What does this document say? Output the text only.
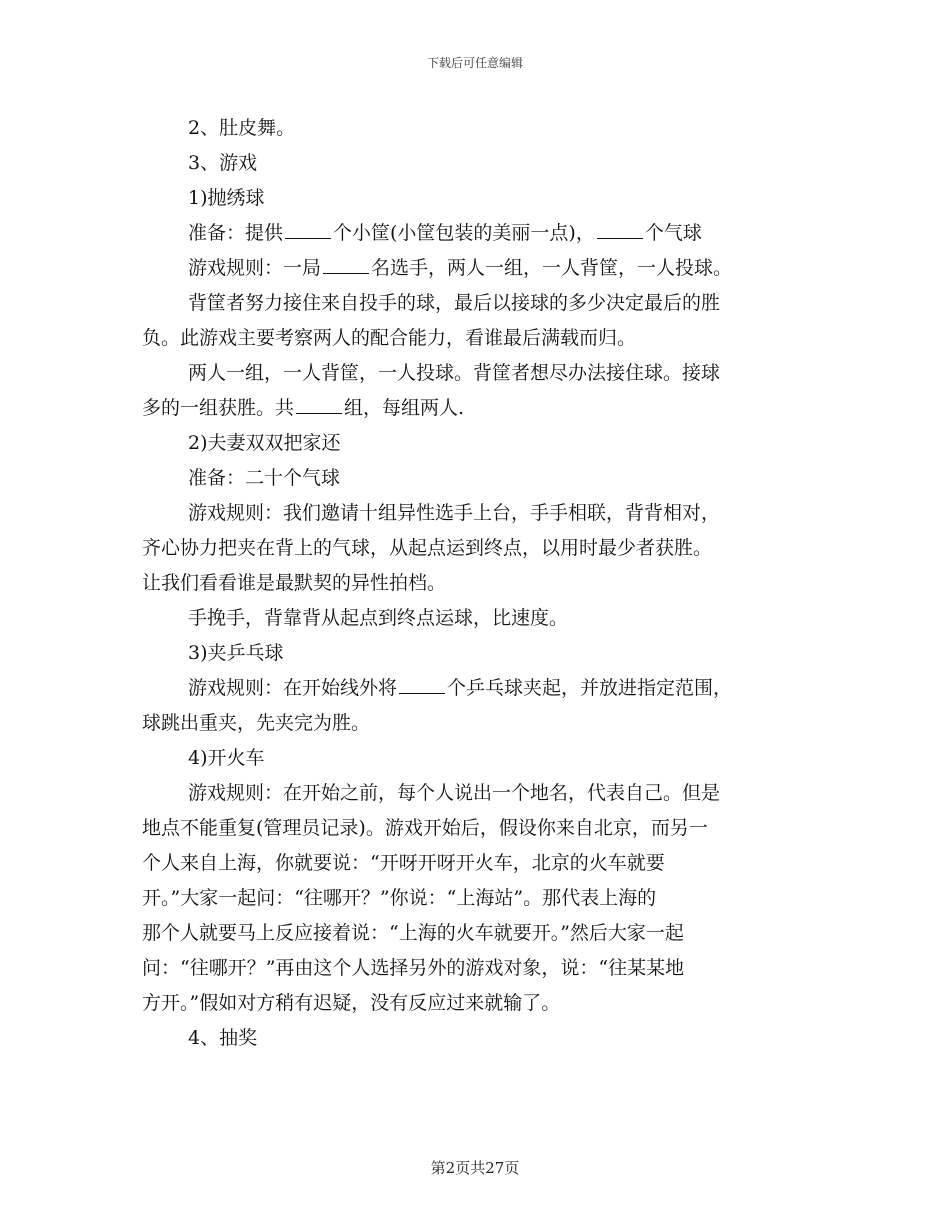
下载后可任意编辑

2、肚皮舞。

3、游戏

1)抛绣球

准备：提供	个小筐(小筐包装的美丽一点)，	个气球

游戏规则：一局	名选手，两人一组，一人背筐，一人投球。

背筐者努力接住来自投手的球，最后以接球的多少决定最后的胜

负。此游戏主要考察两人的配合能力，看谁最后满载而归。

两人一组，一人背筐，一人投球。背筐者想尽办法接住球。接球

多的一组获胜。共	组，每组两人.

2)夫妻双双把家还

准备：二十个气球

游戏规则：我们邀请十组异性选手上台，手手相联，背背相对，

齐心协力把夹在背上的气球，从起点运到终点，以用时最少者获胜。

让我们看看谁是最默契的异性拍档。

手挽手，背靠背从起点到终点运球，比速度。

3)夹乒乓球

游戏规则：在开始线外将	个乒乓球夹起，并放进指定范围，

球跳出重夹，先夹完为胜。

4)开火车

游戏规则：在开始之前，每个人说出一个地名，代表自己。但是

地点不能重复(管理员记录)。游戏开始后，假设你来自北京，而另一

个人来自上海，你就要说：“开呀开呀开火车，北京的火车就要

开。”大家一起问：“往哪开？”你说：“上海站”。那代表上海的

那个人就要马上反应接着说：“上海的火车就要开。”然后大家一起

问：“往哪开？”再由这个人选择另外的游戏对象，说：“往某某地

方开。”假如对方稍有迟疑，没有反应过来就输了。

4、抽奖

第2页共27页
